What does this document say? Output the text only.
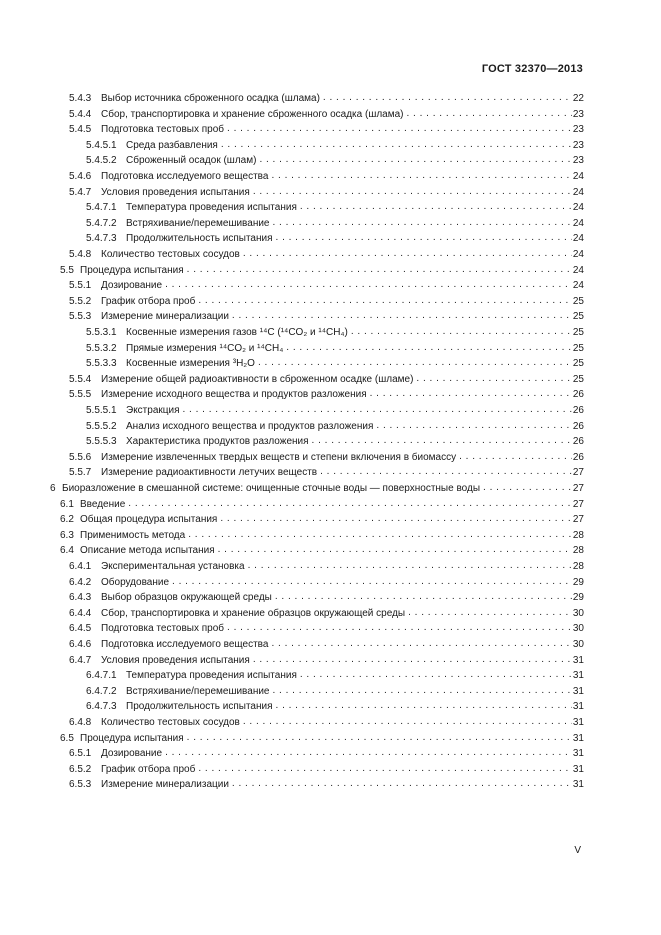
ГОСТ 32370—2013
5.4.3 Выбор источника сброженного осадка (шлама) . . .	22
5.4.4 Сбор, транспортировка и хранение сброженного осадка (шлама) . . .	23
5.4.5 Подготовка тестовых проб . . .	23
5.4.5.1 Среда разбавления . . .	23
5.4.5.2 Сброженный осадок (шлам) . . .	23
5.4.6 Подготовка исследуемого вещества . . .	24
5.4.7 Условия проведения испытания . . .	24
5.4.7.1 Температура проведения испытания . . .	24
5.4.7.2 Встряхивание/перемешивание . . .	24
5.4.7.3 Продолжительность испытания . . .	24
5.4.8 Количество тестовых сосудов . . .	24
5.5 Процедура испытания . . .	24
5.5.1 Дозирование . . .	24
5.5.2 График отбора проб . . .	25
5.5.3 Измерение минерализации . . .	25
5.5.3.1 Косвенные измерения газов ¹⁴C (¹⁴CO₂ и ¹⁴CH₄) . . .	25
5.5.3.2 Прямые измерения ¹⁴CO₂ и ¹⁴CH₄ . . .	25
5.5.3.3 Косвенные измерения ³H₂O . . .	25
5.5.4 Измерение общей радиоактивности в сброженном осадке (шламе) . . .	25
5.5.5 Измерение исходного вещества и продуктов разложения . . .	26
5.5.5.1 Экстракция . . .	26
5.5.5.2 Анализ исходного вещества и продуктов разложения . . .	26
5.5.5.3 Характеристика продуктов разложения . . .	26
5.5.6 Измерение извлеченных твердых веществ и степени включения в биомассу . . .	26
5.5.7 Измерение радиоактивности летучих веществ . . .	27
6 Биоразложение в смешанной системе: очищенные сточные воды — поверхностные воды . . .	27
6.1 Введение . . .	27
6.2 Общая процедура испытания . . .	27
6.3 Применимость метода . . .	28
6.4 Описание метода испытания . . .	28
6.4.1 Экспериментальная установка . . .	28
6.4.2 Оборудование . . .	29
6.4.3 Выбор образцов окружающей среды . . .	29
6.4.4 Сбор, транспортировка и хранение образцов окружающей среды . . .	30
6.4.5 Подготовка тестовых проб . . .	30
6.4.6 Подготовка исследуемого вещества . . .	30
6.4.7 Условия проведения испытания . . .	31
6.4.7.1 Температура проведения испытания . . .	31
6.4.7.2 Встряхивание/перемешивание . . .	31
6.4.7.3 Продолжительность испытания . . .	31
6.4.8 Количество тестовых сосудов . . .	31
6.5 Процедура испытания . . .	31
6.5.1 Дозирование . . .	31
6.5.2 График отбора проб . . .	31
6.5.3 Измерение минерализации . . .	31
V
